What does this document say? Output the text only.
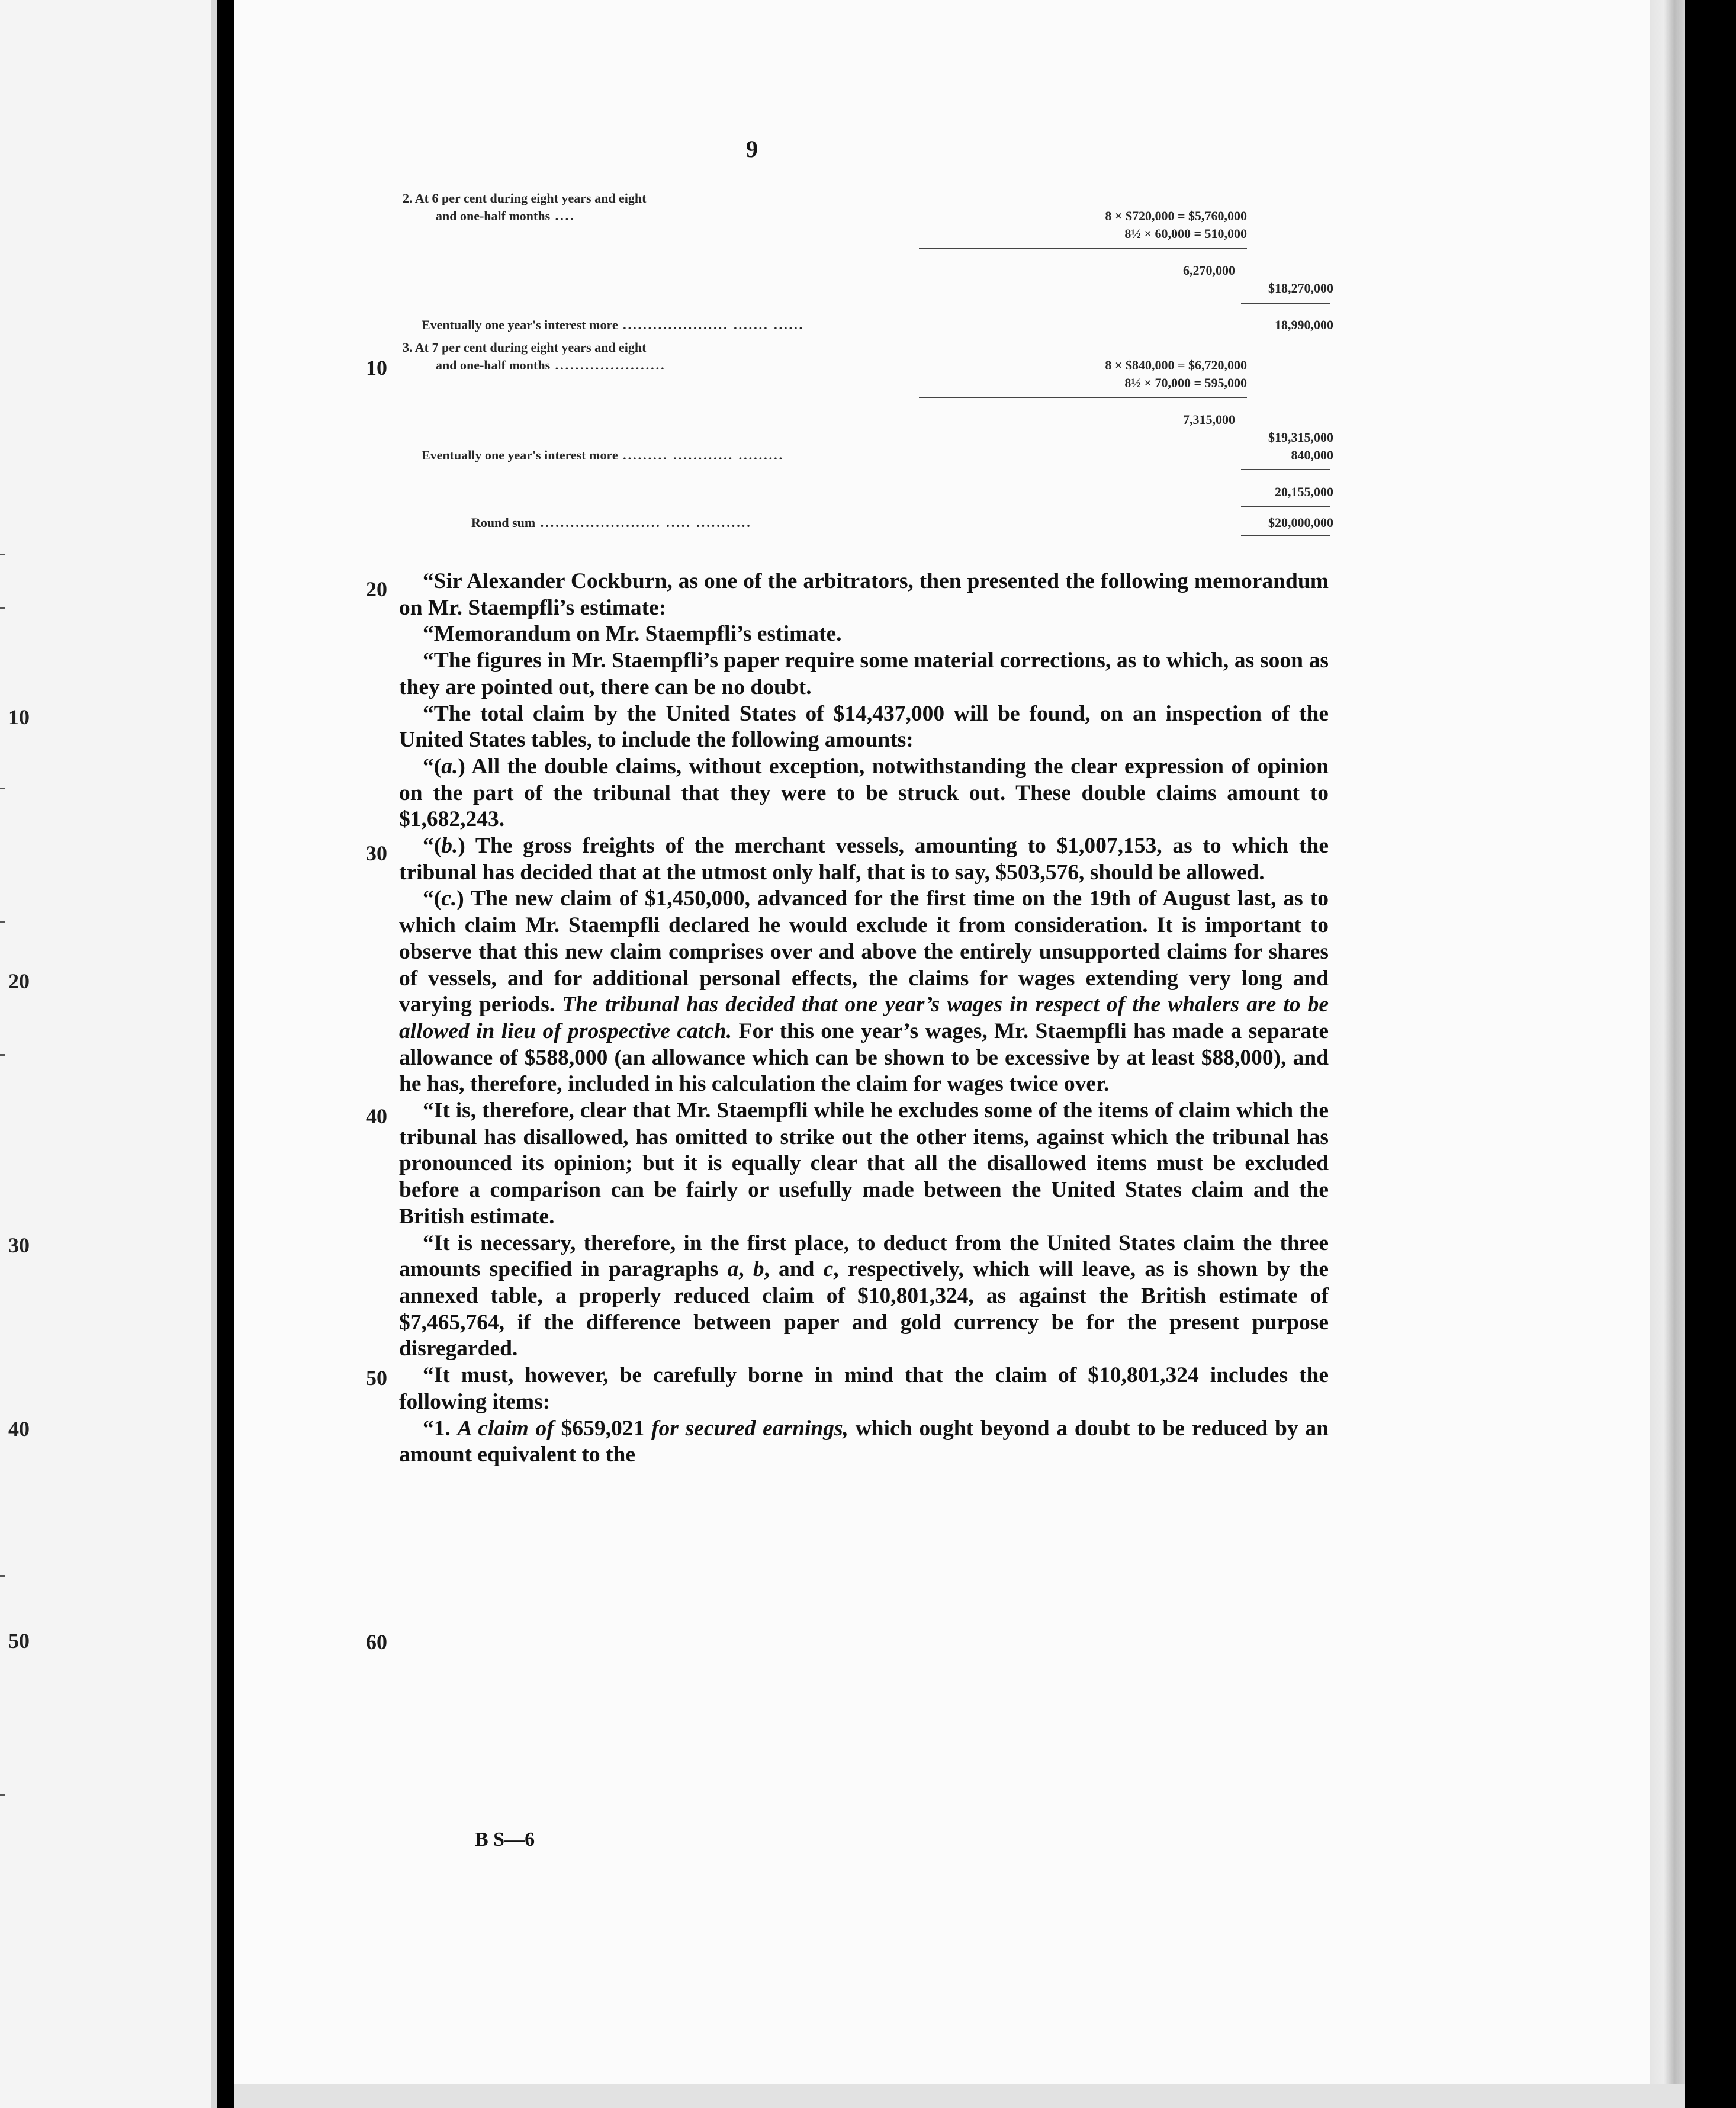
10
20
30
40
50
9
2. At 6 per cent during eight years and eight
and one-half months ....	8 × $720,000 = $5,760,000
8½ × 60,000 = 510,000
6,270,000
$18,270,000
Eventually one year's interest more ..................... ....... ......	18,990,000
3. At 7 per cent during eight years and eight
and one-half months ......................	8 × $840,000 = $6,720,000
8½ × 70,000 = 595,000
7,315,000
$19,315,000
Eventually one year's interest more ......... ............ .........	840,000
20,155,000
Round sum ........................ ..... ...........	$20,000,000
10
20
30
40
50
60

“Sir Alexander Cockburn, as one of the arbitrators, then presented the following memorandum on Mr. Staempfli’s estimate:

“Memorandum on Mr. Staempfli’s estimate.

“The figures in Mr. Staempfli’s paper require some material corrections, as to which, as soon as they are pointed out, there can be no doubt.

“The total claim by the United States of $14,437,000 will be found, on an inspection of the United States tables, to include the following amounts:

“(a.) All the double claims, without exception, notwithstanding the clear expression of opinion on the part of the tribunal that they were to be struck out. These double claims amount to $1,682,243.

“(b.) The gross freights of the merchant vessels, amounting to $1,007,153, as to which the tribunal has decided that at the utmost only half, that is to say, $503,576, should be allowed.

“(c.) The new claim of $1,450,000, advanced for the first time on the 19th of August last, as to which claim Mr. Staempfli declared he would exclude it from consideration. It is important to observe that this new claim comprises over and above the entirely unsupported claims for shares of vessels, and for additional personal effects, the claims for wages extending very long and varying periods. The tribunal has decided that one year’s wages in respect of the whalers are to be allowed in lieu of prospective catch. For this one year’s wages, Mr. Staempfli has made a separate allowance of $588,000 (an allowance which can be shown to be excessive by at least $88,000), and he has, therefore, included in his calculation the claim for wages twice over.

“It is, therefore, clear that Mr. Staempfli while he excludes some of the items of claim which the tribunal has disallowed, has omitted to strike out the other items, against which the tribunal has pronounced its opinion; but it is equally clear that all the disallowed items must be excluded before a comparison can be fairly or usefully made between the United States claim and the British estimate.

“It is necessary, therefore, in the first place, to deduct from the United States claim the three amounts specified in paragraphs a, b, and c, respectively, which will leave, as is shown by the annexed table, a properly reduced claim of $10,801,324, as against the British estimate of $7,465,764, if the difference between paper and gold currency be for the present purpose disregarded.

“It must, however, be carefully borne in mind that the claim of $10,801,324 includes the following items:

“1. A claim of $659,021 for secured earnings, which ought beyond a doubt to be reduced by an amount equivalent to the

B S—6
